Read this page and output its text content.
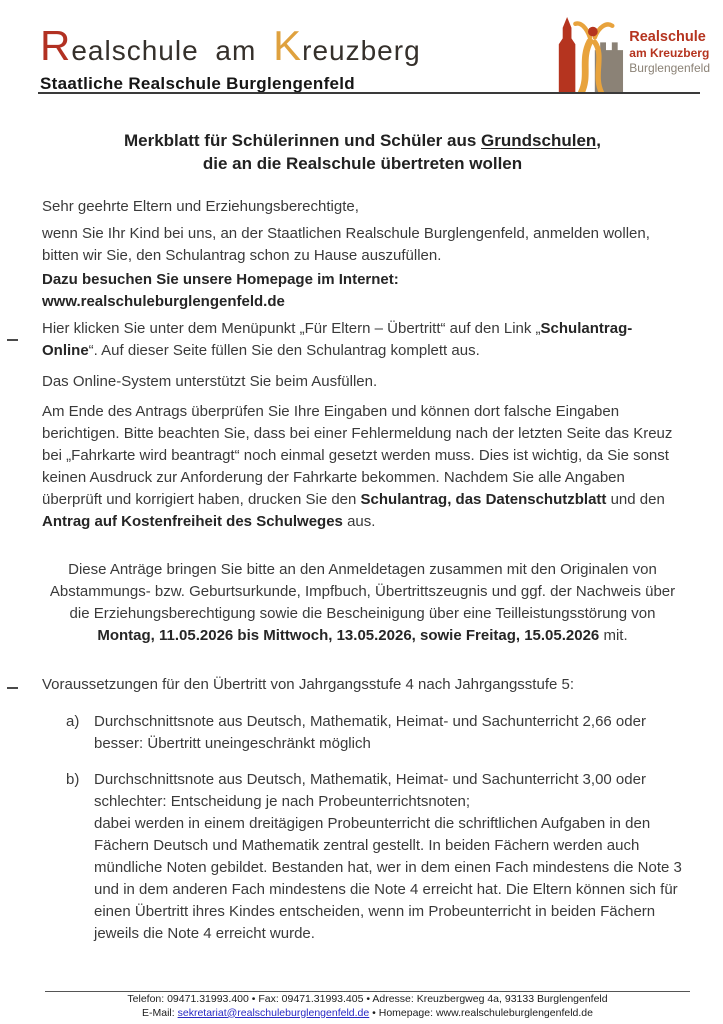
Realschule am Kreuzberg
Staatliche Realschule Burglengenfeld
Realschule
am Kreuzberg
Burglengenfeld
Merkblatt für Schülerinnen und Schüler aus Grundschulen,
die an die Realschule übertreten wollen

Sehr geehrte Eltern und Erziehungsberechtigte,

wenn Sie Ihr Kind bei uns, an der Staatlichen Realschule Burglengenfeld, anmelden wollen, bitten wir Sie, den Schulantrag schon zu Hause auszufüllen.

Dazu besuchen Sie unsere Homepage im Internet:
www.realschuleburglengenfeld.de

Hier klicken Sie unter dem Menüpunkt „Für Eltern – Übertritt“ auf den Link „Schulantrag-Online“. Auf dieser Seite füllen Sie den Schulantrag komplett aus.

Das Online-System unterstützt Sie beim Ausfüllen.

Am Ende des Antrags überprüfen Sie Ihre Eingaben und können dort falsche Eingaben berichtigen. Bitte beachten Sie, dass bei einer Fehlermeldung nach der letzten Seite das Kreuz bei „Fahrkarte wird beantragt“ noch einmal gesetzt werden muss. Dies ist wichtig, da Sie sonst keinen Ausdruck zur Anforderung der Fahrkarte bekommen. Nachdem Sie alle Angaben überprüft und korrigiert haben, drucken Sie den Schulantrag, das Datenschutzblatt und den Antrag auf Kostenfreiheit des Schulweges aus.

Diese Anträge bringen Sie bitte an den Anmeldetagen zusammen mit den Originalen von Abstammungs- bzw. Geburtsurkunde, Impfbuch, Übertrittszeugnis und ggf. der Nachweis über die Erziehungsberechtigung sowie die Bescheinigung über eine Teilleistungsstörung von
Montag, 11.05.2026 bis Mittwoch, 13.05.2026, sowie Freitag, 15.05.2026 mit.

Voraussetzungen für den Übertritt von Jahrgangsstufe 4 nach Jahrgangsstufe 5:

a) Durchschnittsnote aus Deutsch, Mathematik, Heimat- und Sachunterricht 2,66 oder besser: Übertritt uneingeschränkt möglich
b) Durchschnittsnote aus Deutsch, Mathematik, Heimat- und Sachunterricht 3,00 oder schlechter: Entscheidung je nach Probeunterrichtsnoten;
dabei werden in einem dreitägigen Probeunterricht die schriftlichen Aufgaben in den Fächern Deutsch und Mathematik zentral gestellt. In beiden Fächern werden auch mündliche Noten gebildet. Bestanden hat, wer in dem einen Fach mindestens die Note 3 und in dem anderen Fach mindestens die Note 4 erreicht hat. Die Eltern können sich für einen Übertritt ihres Kindes entscheiden, wenn im Probeunterricht in beiden Fächern jeweils die Note 4 erreicht wurde.
Telefon: 09471.31993.400 • Fax: 09471.31993.405 • Adresse: Kreuzbergweg 4a, 93133 Burglengenfeld
E-Mail: sekretariat@realschuleburglengenfeld.de • Homepage: www.realschuleburglengenfeld.de
